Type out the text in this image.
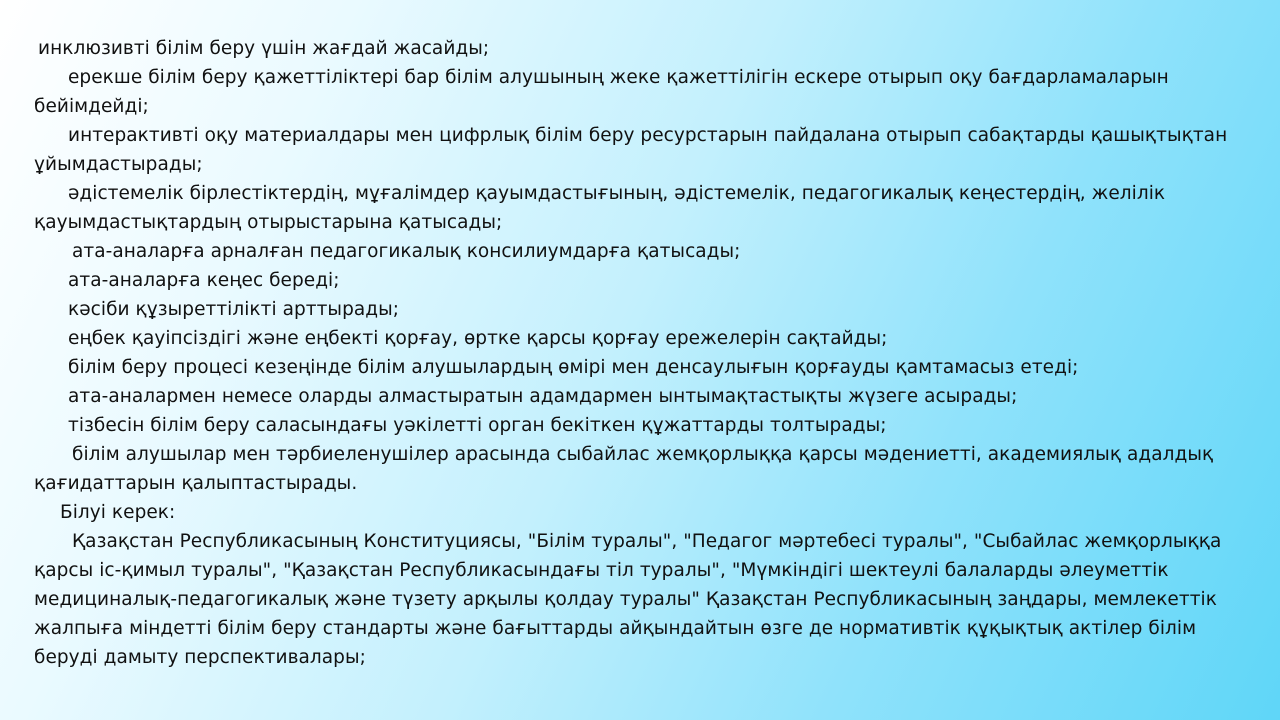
инклюзивті білім беру үшін жағдай жасайды;

ерекше білім беру қажеттіліктері бар білім алушының жеке қажеттілігін ескере отырып оқу бағдарламаларын бейімдейді;

интерактивті оқу материалдары мен цифрлық білім беру ресурстарын пайдалана отырып сабақтарды қашықтықтан ұйымдастырады;

әдістемелік бірлестіктердің, мұғалімдер қауымдастығының, әдістемелік, педагогикалық кеңестердің, желілік қауымдастықтардың отырыстарына қатысады;

ата-аналарға арналған педагогикалық консилиумдарға қатысады;

ата-аналарға кеңес береді;

кәсіби құзыреттілікті арттырады;

еңбек қауіпсіздігі және еңбекті қорғау, өртке қарсы қорғау ережелерін сақтайды;

білім беру процесі кезеңінде білім алушылардың өмірі мен денсаулығын қорғауды қамтамасыз етеді;

ата-аналармен немесе оларды алмастыратын адамдармен ынтымақтастықты жүзеге асырады;

тізбесін білім беру саласындағы уәкілетті орган бекіткен құжаттарды толтырады;

білім алушылар мен тәрбиеленушілер арасында сыбайлас жемқорлыққа қарсы мәдениетті, академиялық адалдық қағидаттарын қалыптастырады.

Білуі керек:

Қазақстан Республикасының Конституциясы, "Білім туралы", "Педагог мәртебесі туралы", "Сыбайлас жемқорлыққа қарсы іс-қимыл туралы", "Қазақстан Республикасындағы тіл туралы", "Мүмкіндігі шектеулі балаларды әлеуметтік медициналық-педагогикалық және түзету арқылы қолдау туралы" Қазақстан Республикасының заңдары, мемлекеттік жалпыға міндетті білім беру стандарты және бағыттарды айқындайтын өзге де нормативтік құқықтық актілер білім беруді дамыту перспективалары;
